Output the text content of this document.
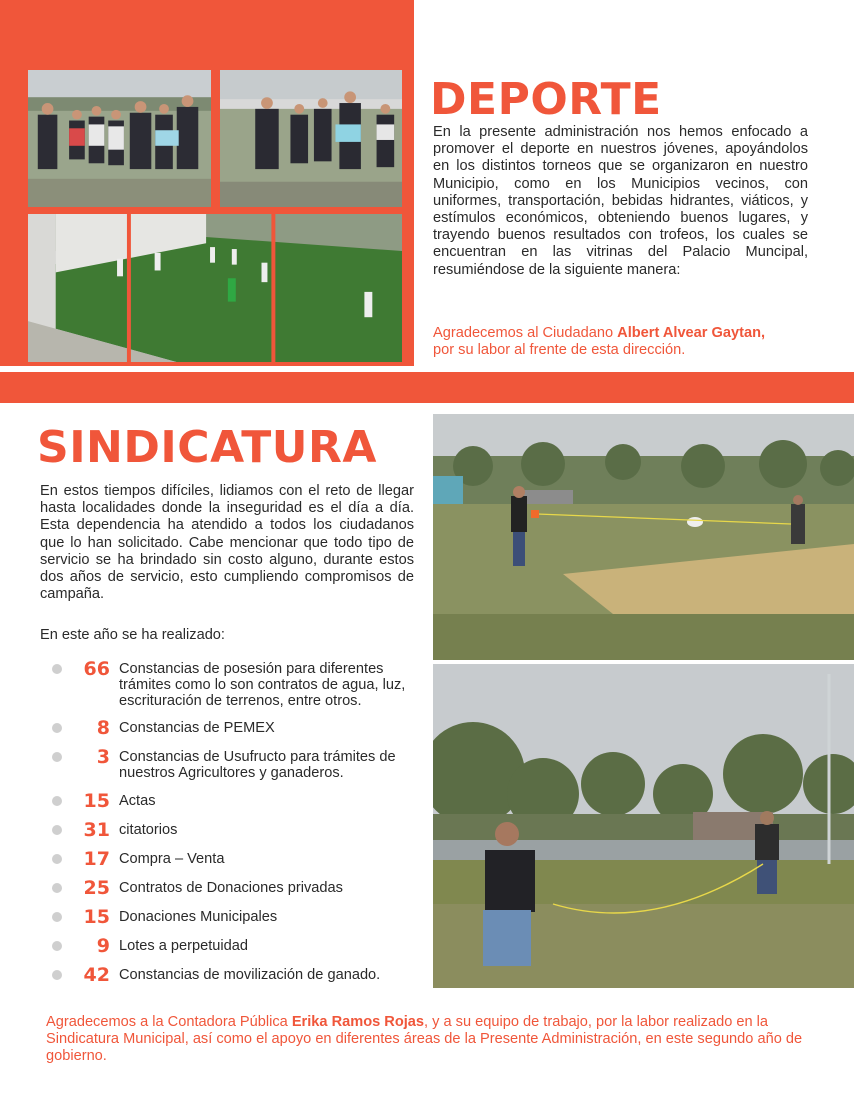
DEPORTE
En la presente administración nos hemos enfocado a promover el deporte en nuestros jóvenes, apoyándolos en los distintos torneos que se organizaron en nuestro Municipio, como en los Municipios vecinos, con uniformes, transportación, bebidas hidrantes, viáticos, y estímulos económicos, obteniendo buenos lugares, y trayendo buenos resultados con trofeos, los cuales se encuentran en las vitrinas del Palacio Muncipal, resumiéndose de la siguiente manera:
Agradecemos al Ciudadano Albert Alvear Gaytan,
por su labor al frente de esta dirección.
SINDICATURA
En estos tiempos difíciles, lidiamos con el reto de llegar hasta localidades donde la inseguridad es el día a día. Esta dependencia ha atendido a todos los ciudadanos que lo han solicitado. Cabe mencionar que todo tipo de servicio se ha brindado sin costo alguno, durante estos dos años de servicio, esto cumpliendo compromisos de campaña.
En este año se ha realizado:
66 Constancias de posesión para diferentes trámites como lo son contratos de agua, luz, escrituración de terrenos, entre otros.
8 Constancias de PEMEX
3 Constancias de Usufructo para trámites de nuestros Agricultores y ganaderos.
15 Actas
31 citatorios
17 Compra – Venta
25 Contratos de Donaciones privadas
15 Donaciones Municipales
9 Lotes a perpetuidad
42 Constancias de movilización de ganado.
Agradecemos a la Contadora Pública Erika Ramos Rojas, y a su equipo de trabajo, por la labor realizado en la Sindicatura Municipal, así como el apoyo en diferentes áreas de la Presente Administración, en este segundo año de gobierno.
